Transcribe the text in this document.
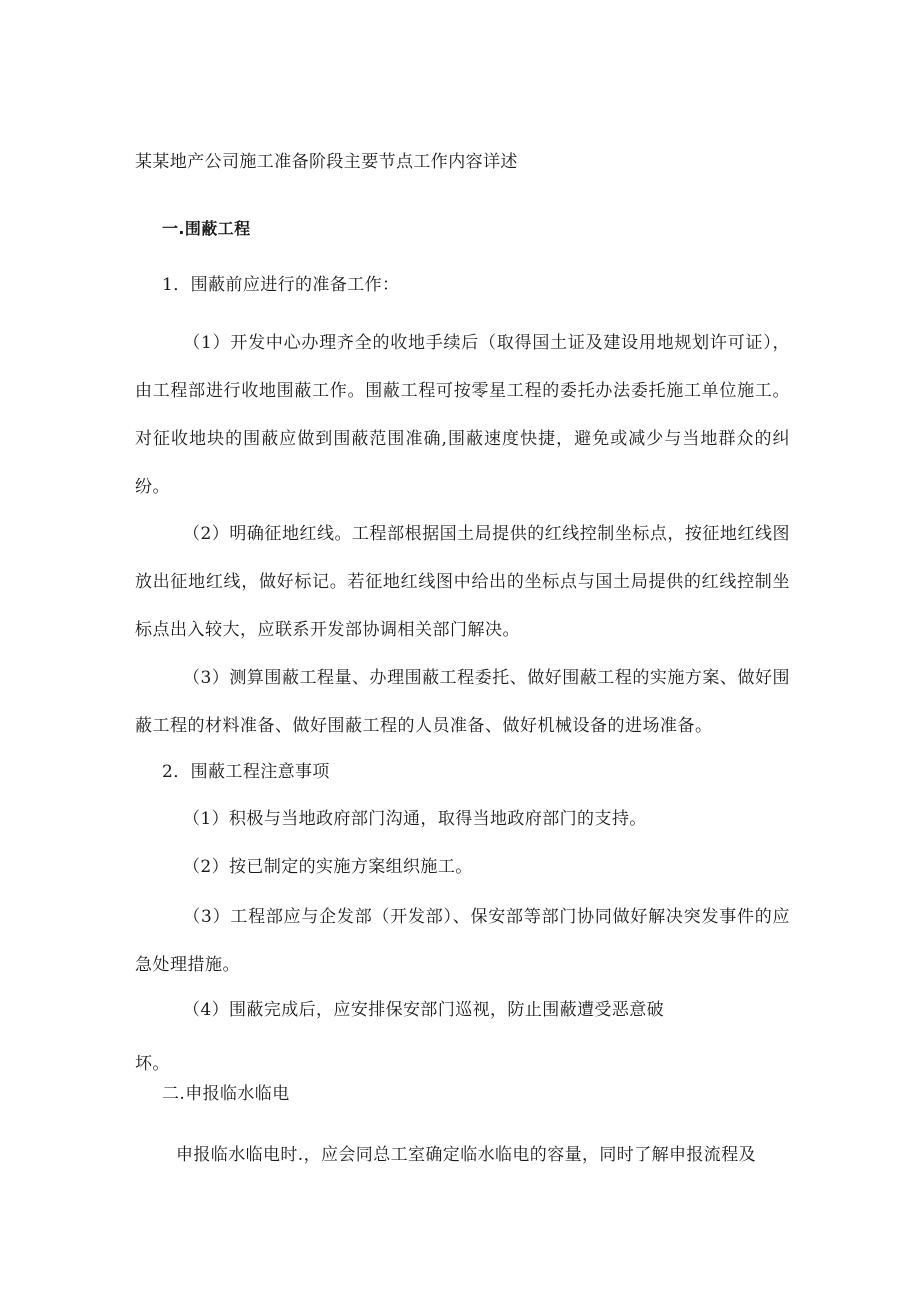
某某地产公司施工准备阶段主要节点工作内容详述
一.围蔽工程
1．围蔽前应进行的准备工作：
（1）开发中心办理齐全的收地手续后（取得国土证及建设用地规划许可证），由工程部进行收地围蔽工作。围蔽工程可按零星工程的委托办法委托施工单位施工。对征收地块的围蔽应做到围蔽范围准确,围蔽速度快捷，避免或减少与当地群众的纠纷。
（2）明确征地红线。工程部根据国土局提供的红线控制坐标点，按征地红线图放出征地红线，做好标记。若征地红线图中给出的坐标点与国土局提供的红线控制坐标点出入较大，应联系开发部协调相关部门解决。
（3）测算围蔽工程量、办理围蔽工程委托、做好围蔽工程的实施方案、做好围蔽工程的材料准备、做好围蔽工程的人员准备、做好机械设备的进场准备。
2．围蔽工程注意事项
（1）积极与当地政府部门沟通，取得当地政府部门的支持。
（2）按已制定的实施方案组织施工。
（3）工程部应与企发部（开发部）、保安部等部门协同做好解决突发事件的应急处理措施。
（4）围蔽完成后，应安排保安部门巡视，防止围蔽遭受恶意破
坏。
二.申报临水临电
申报临水临电时.，应会同总工室确定临水临电的容量，同时了解申报流程及
